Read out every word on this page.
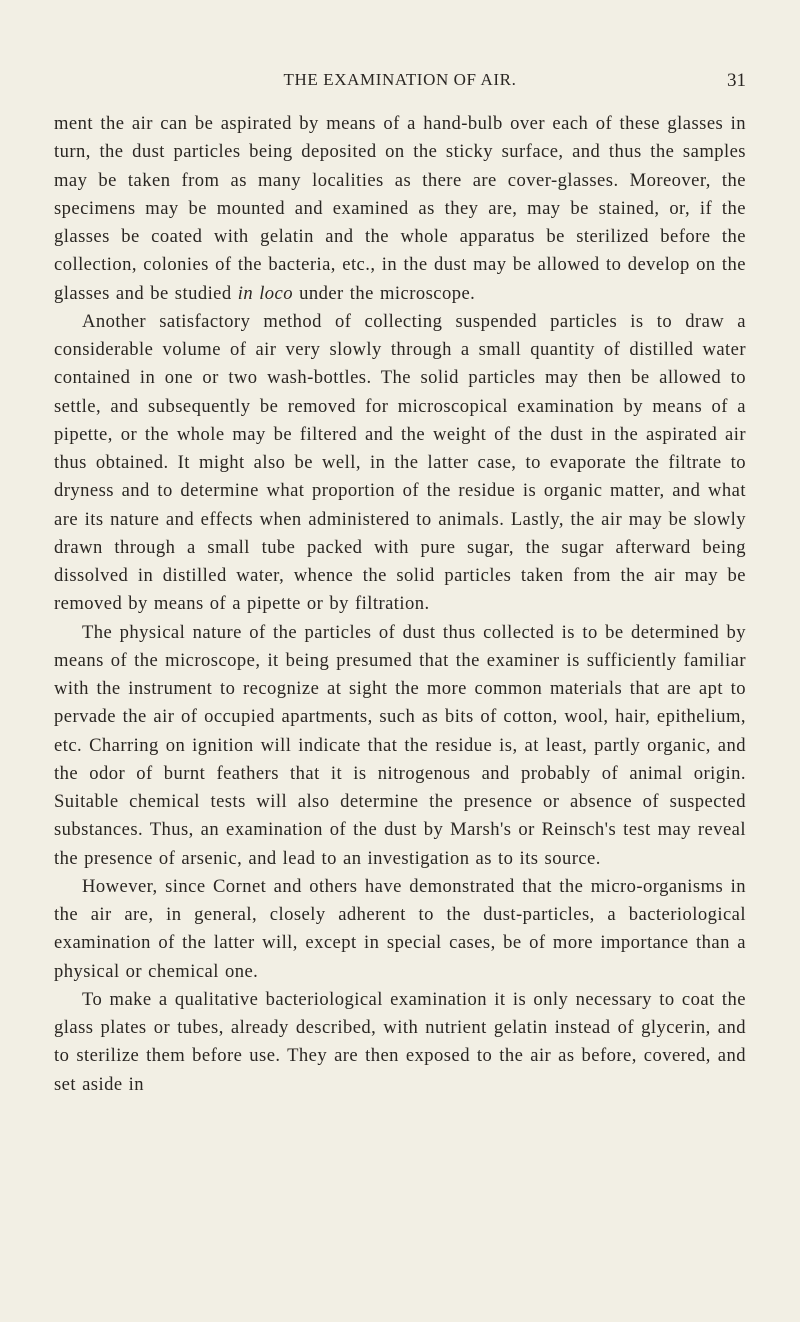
THE EXAMINATION OF AIR.	31

ment the air can be aspirated by means of a hand-bulb over each of these glasses in turn, the dust particles being deposited on the sticky surface, and thus the samples may be taken from as many localities as there are cover-glasses. Moreover, the specimens may be mounted and examined as they are, may be stained, or, if the glasses be coated with gelatin and the whole apparatus be sterilized before the collection, colonies of the bacteria, etc., in the dust may be allowed to develop on the glasses and be studied in loco under the microscope.

Another satisfactory method of collecting suspended particles is to draw a considerable volume of air very slowly through a small quantity of distilled water contained in one or two wash-bottles. The solid particles may then be allowed to settle, and subsequently be removed for microscopical examination by means of a pipette, or the whole may be filtered and the weight of the dust in the aspirated air thus obtained. It might also be well, in the latter case, to evaporate the filtrate to dryness and to determine what proportion of the residue is organic matter, and what are its nature and effects when administered to animals. Lastly, the air may be slowly drawn through a small tube packed with pure sugar, the sugar afterward being dissolved in distilled water, whence the solid particles taken from the air may be removed by means of a pipette or by filtration.

The physical nature of the particles of dust thus collected is to be determined by means of the microscope, it being presumed that the examiner is sufficiently familiar with the instrument to recognize at sight the more common materials that are apt to pervade the air of occupied apartments, such as bits of cotton, wool, hair, epithelium, etc. Charring on ignition will indicate that the residue is, at least, partly organic, and the odor of burnt feathers that it is nitrogenous and probably of animal origin. Suitable chemical tests will also determine the presence or absence of suspected substances. Thus, an examination of the dust by Marsh's or Reinsch's test may reveal the presence of arsenic, and lead to an investigation as to its source.

However, since Cornet and others have demonstrated that the micro-organisms in the air are, in general, closely adherent to the dust-particles, a bacteriological examination of the latter will, except in special cases, be of more importance than a physical or chemical one.

To make a qualitative bacteriological examination it is only necessary to coat the glass plates or tubes, already described, with nutrient gelatin instead of glycerin, and to sterilize them before use. They are then exposed to the air as before, covered, and set aside in
